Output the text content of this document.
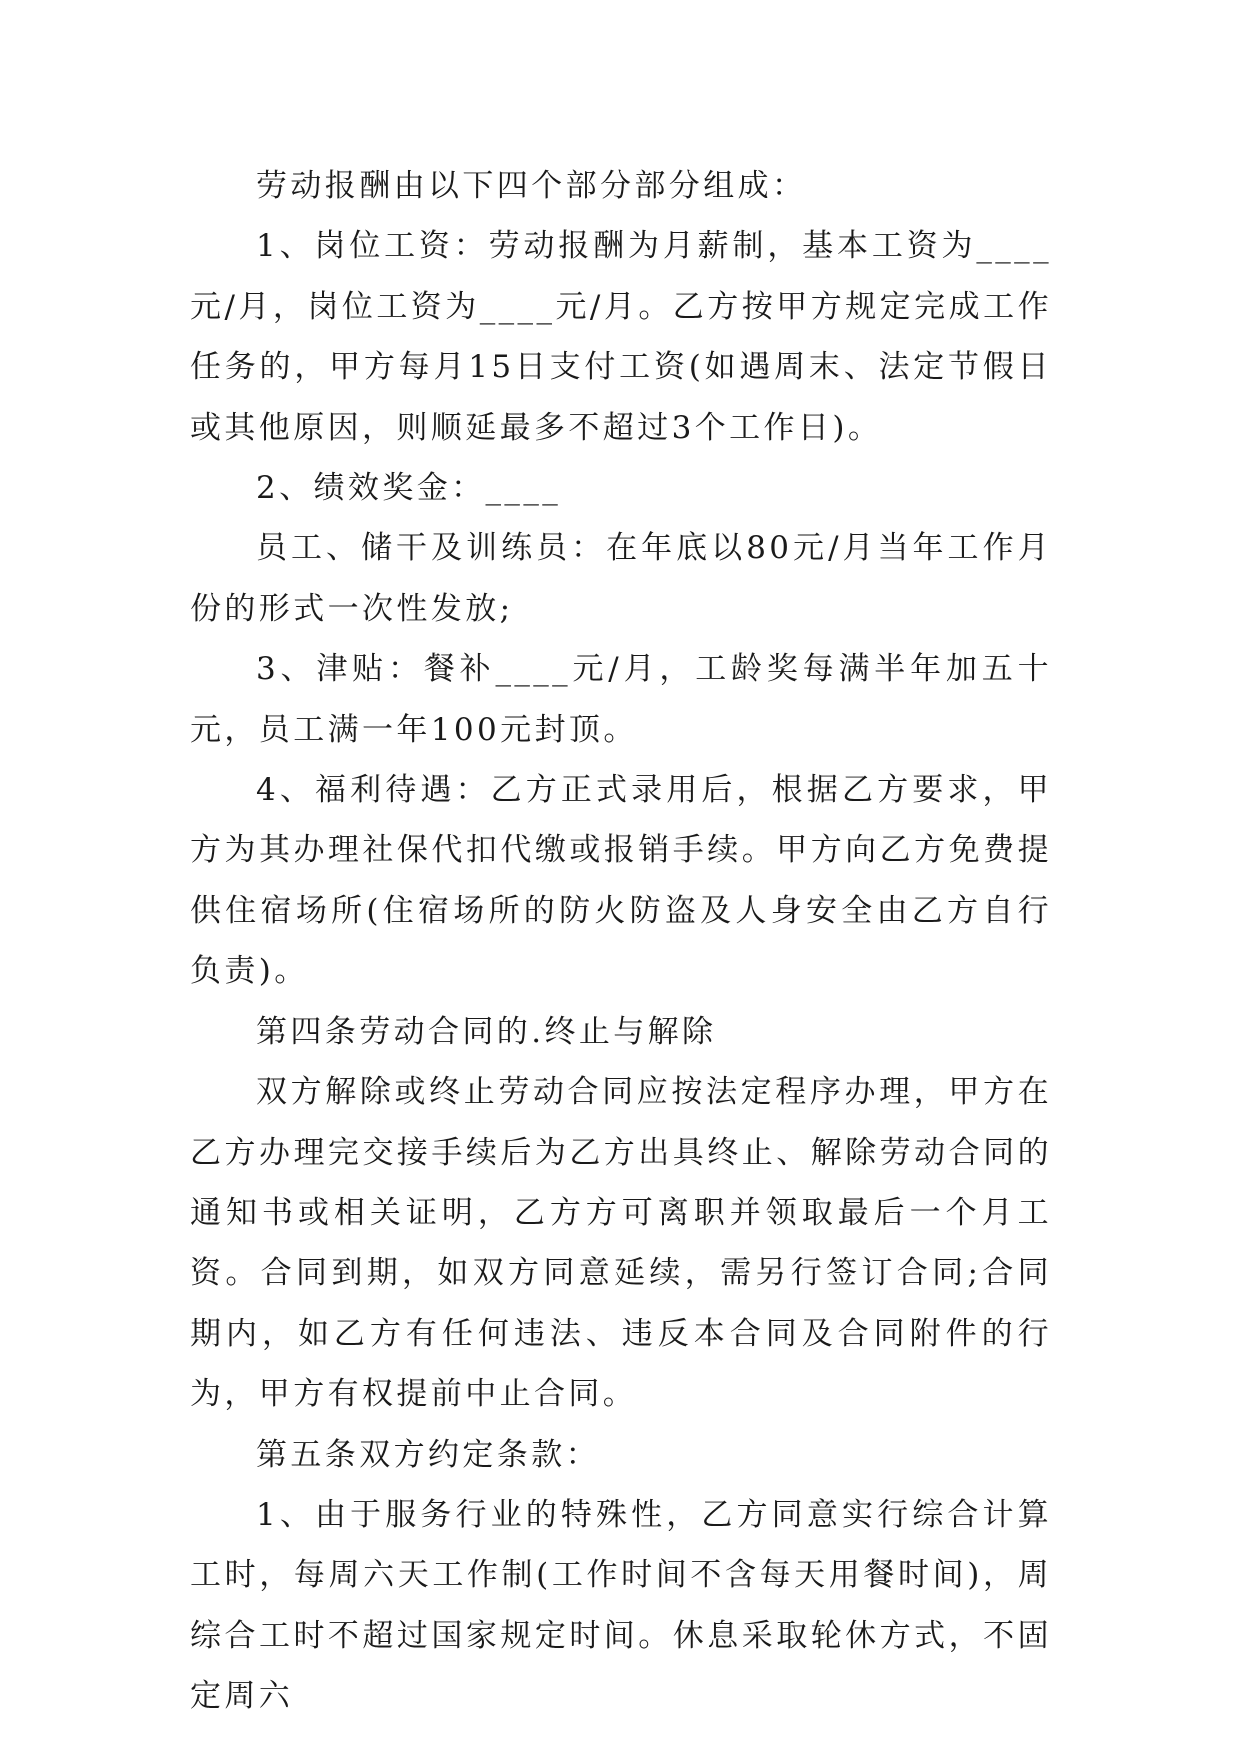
劳动报酬由以下四个部分部分组成：

1、岗位工资：劳动报酬为月薪制，基本工资为____元/月，岗位工资为____元/月。乙方按甲方规定完成工作任务的，甲方每月15日支付工资(如遇周末、法定节假日或其他原因，则顺延最多不超过3个工作日)。

2、绩效奖金：____

员工、储干及训练员：在年底以80元/月当年工作月份的形式一次性发放;

3、津贴：餐补____元/月，工龄奖每满半年加五十元，员工满一年100元封顶。

4、福利待遇：乙方正式录用后，根据乙方要求，甲方为其办理社保代扣代缴或报销手续。甲方向乙方免费提供住宿场所(住宿场所的防火防盗及人身安全由乙方自行负责)。

第四条劳动合同的.终止与解除

双方解除或终止劳动合同应按法定程序办理，甲方在乙方办理完交接手续后为乙方出具终止、解除劳动合同的通知书或相关证明，乙方方可离职并领取最后一个月工资。合同到期，如双方同意延续，需另行签订合同;合同期内，如乙方有任何违法、违反本合同及合同附件的行为，甲方有权提前中止合同。

第五条双方约定条款：

1、由于服务行业的特殊性，乙方同意实行综合计算工时，每周六天工作制(工作时间不含每天用餐时间)，周综合工时不超过国家规定时间。休息采取轮休方式，不固定周六
